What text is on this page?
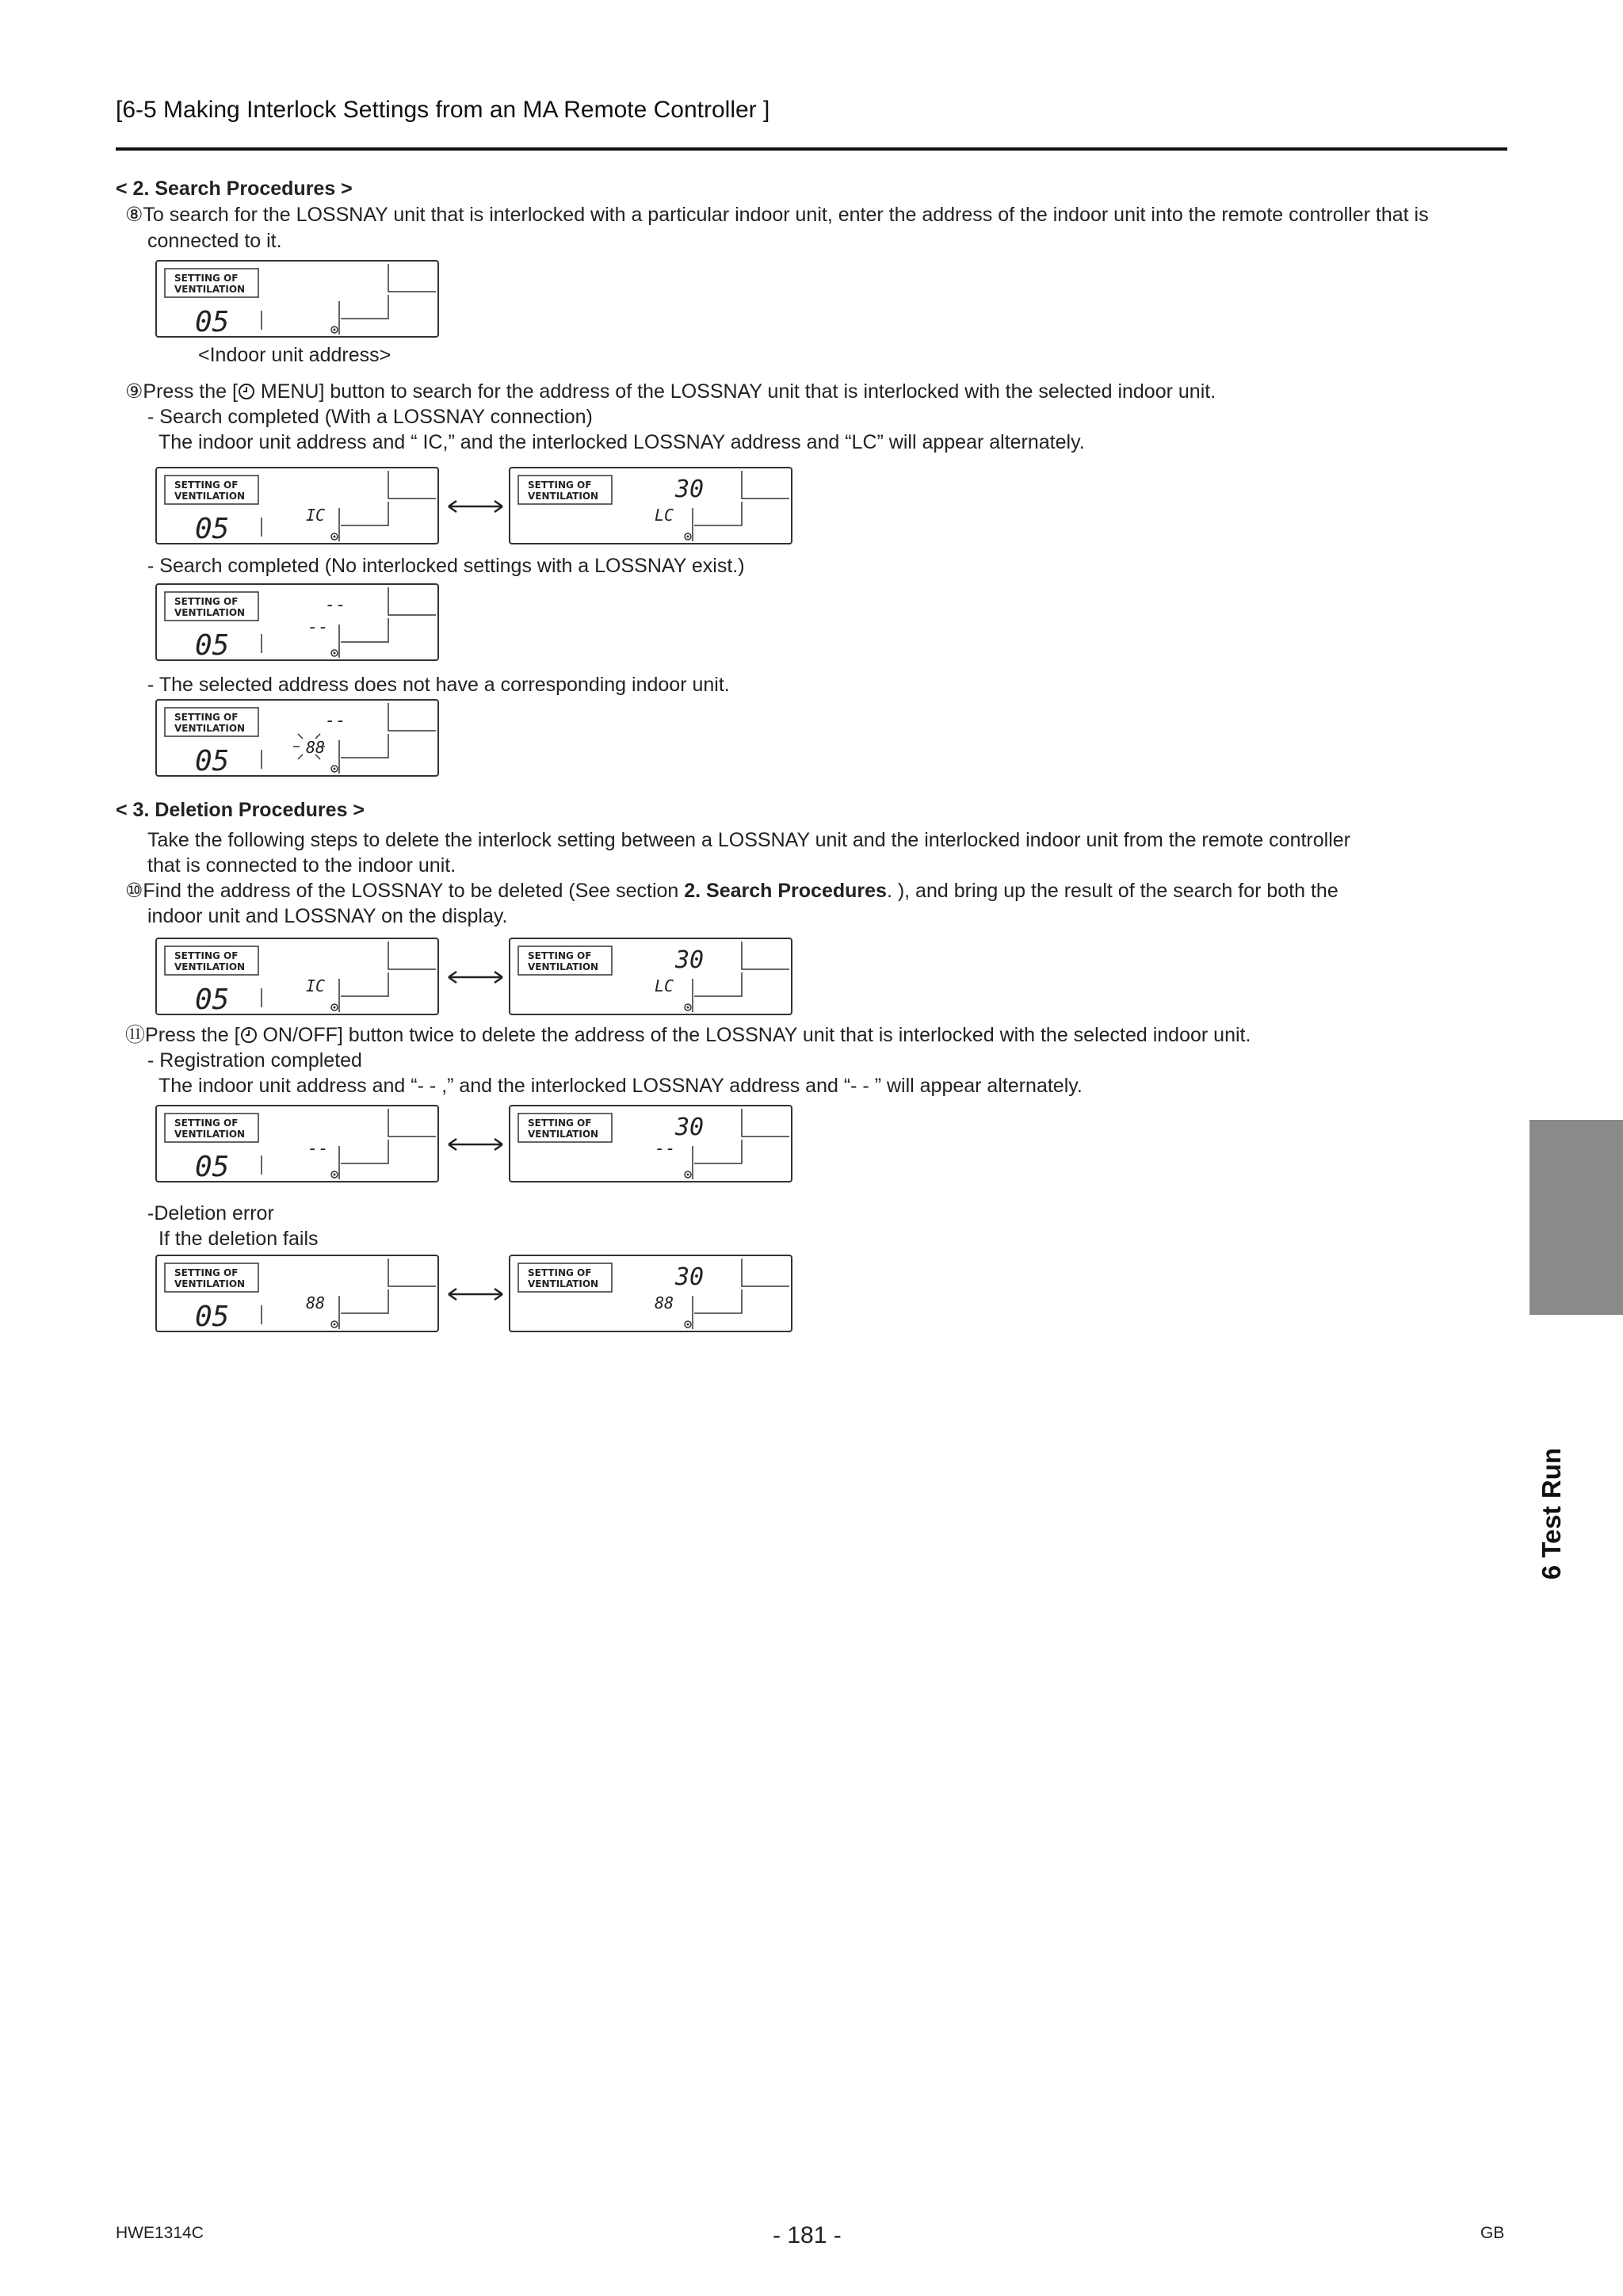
[6-5 Making Interlock Settings from an MA Remote Controller ]
< 2. Search Procedures >
⑧To search for the LOSSNAY unit that is interlocked with a particular indoor unit, enter the address of the indoor unit into the remote controller that is
connected to it.
SETTING OF
VENTILATION
05
<Indoor unit address>
⑨Press the [ MENU] button to search for the address of the LOSSNAY unit that is interlocked with the selected indoor unit.
- Search completed (With a LOSSNAY connection)
The indoor unit address and “ IC,” and the interlocked LOSSNAY address and “LC” will appear alternately.
SETTING OF
VENTILATION
05	IC
SETTING OF
VENTILATION	30
LC
- Search completed (No interlocked settings with a LOSSNAY exist.)
SETTING OF
VENTILATION
05
--
--
- The selected address does not have a corresponding indoor unit.
SETTING OF
VENTILATION
05
--
88
< 3. Deletion Procedures >
Take the following steps to delete the interlock setting between a LOSSNAY unit and the interlocked indoor unit from the remote controller
that is connected to the indoor unit.
⑩Find the address of the LOSSNAY to be deleted (See section 2. Search Procedures. ), and bring up the result of the search for both the
indoor unit and LOSSNAY on the display.
SETTING OF
VENTILATION
05	IC
SETTING OF
VENTILATION	30
LC
⑪Press the [ ON/OFF] button twice to delete the address of the LOSSNAY unit that is interlocked with the selected indoor unit.
- Registration completed
The indoor unit address and “- - ,” and the interlocked LOSSNAY address and “- - ” will appear alternately.
SETTING OF
VENTILATION
05
--
SETTING OF
VENTILATION	30
--
-Deletion error
If the deletion fails
SETTING OF
VENTILATION
05	88
SETTING OF
VENTILATION	30
88
6 Test Run
HWE1314C	- 181 -	GB
